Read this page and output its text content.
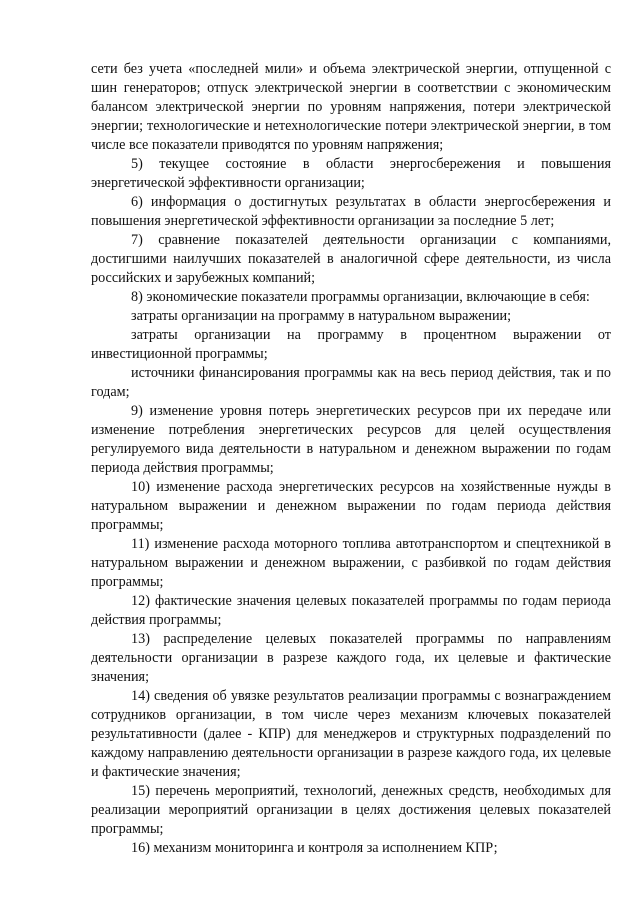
сети без учета «последней мили» и объема электрической энергии, отпущенной с шин генераторов; отпуск электрической энергии в соответствии с экономическим балансом электрической энергии по уровням напряжения, потери электрической энергии; технологические и нетехнологические потери электрической энергии, в том числе все показатели приводятся по уровням напряжения;

5) текущее состояние в области энергосбережения и повышения энергетической эффективности организации;

6) информация о достигнутых результатах в области энергосбережения и повышения энергетической эффективности организации за последние 5 лет;

7) сравнение показателей деятельности организации с компаниями, достигшими наилучших показателей в аналогичной сфере деятельности, из числа российских и зарубежных компаний;

8) экономические показатели программы организации, включающие в себя:

затраты организации на программу в натуральном выражении;

затраты организации на программу в процентном выражении от инвестиционной программы;

источники финансирования программы как на весь период действия, так и по годам;

9) изменение уровня потерь энергетических ресурсов при их передаче или изменение потребления энергетических ресурсов для целей осуществления регулируемого вида деятельности в натуральном и денежном выражении по годам периода действия программы;

10) изменение расхода энергетических ресурсов на хозяйственные нужды в натуральном выражении и денежном выражении по годам периода действия программы;

11) изменение расхода моторного топлива автотранспортом и спецтехникой в натуральном выражении и денежном выражении, с разбивкой по годам действия программы;

12) фактические значения целевых показателей программы по годам периода действия программы;

13) распределение целевых показателей программы по направлениям деятельности организации в разрезе каждого года, их целевые и фактические значения;

14) сведения об увязке результатов реализации программы с вознаграждением сотрудников организации, в том числе через механизм ключевых показателей результативности (далее - КПР) для менеджеров и структурных подразделений по каждому направлению деятельности организации в разрезе каждого года, их целевые и фактические значения;

15) перечень мероприятий, технологий, денежных средств, необходимых для реализации мероприятий организации в целях достижения целевых показателей программы;

16) механизм мониторинга и контроля за исполнением КПР;
